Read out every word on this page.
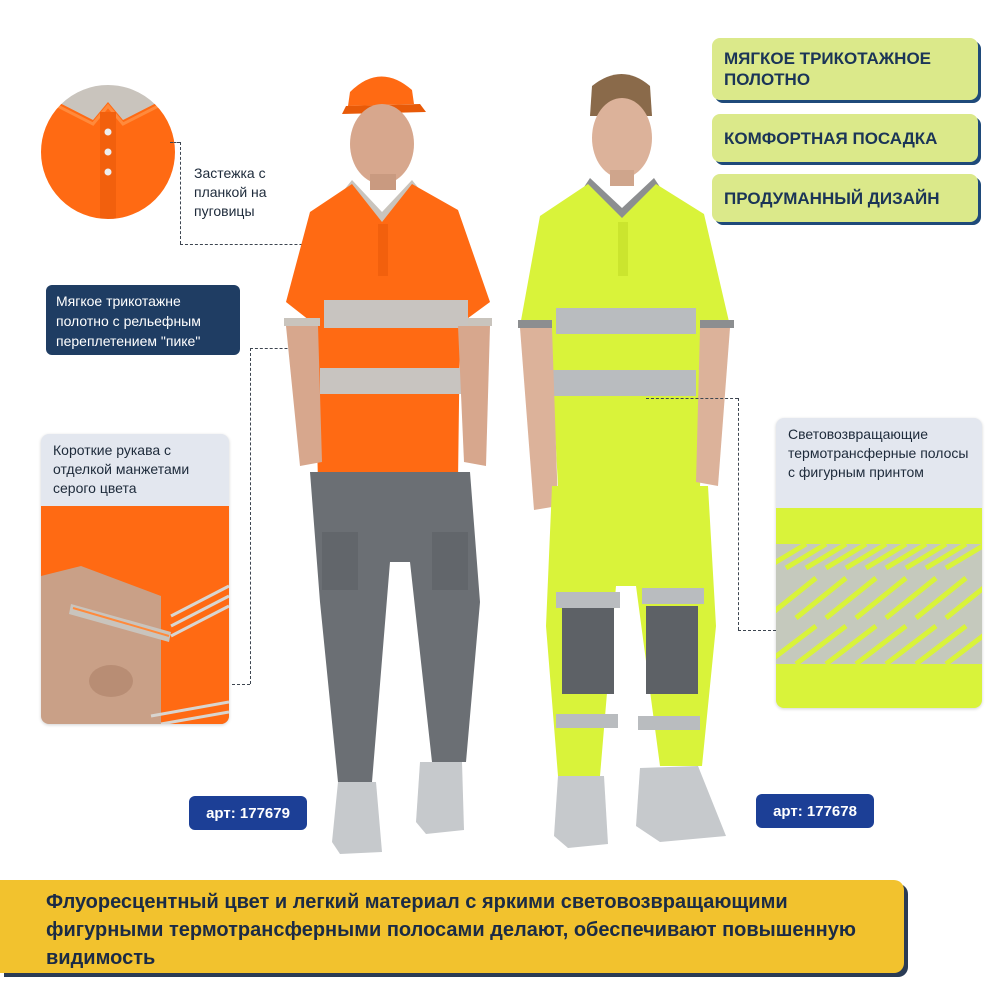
МЯГКОЕ ТРИКОТАЖНОЕ ПОЛОТНО
КОМФОРТНАЯ ПОСАДКА
ПРОДУМАННЫЙ ДИЗАЙН
Застежка с планкой на пуговицы
Мягкое трикотажне полотно с рельефным переплетением "пике"
Короткие рукава с отделкой манжетами серого цвета
Световозвращающие термотрансферные полосы с фигурным принтом
арт: 177679	арт: 177678
Флуоресцентный цвет и легкий материал с яркими световозвращающими фигурными термотрансферными полосами делают, обеспечивают повышенную видимость
